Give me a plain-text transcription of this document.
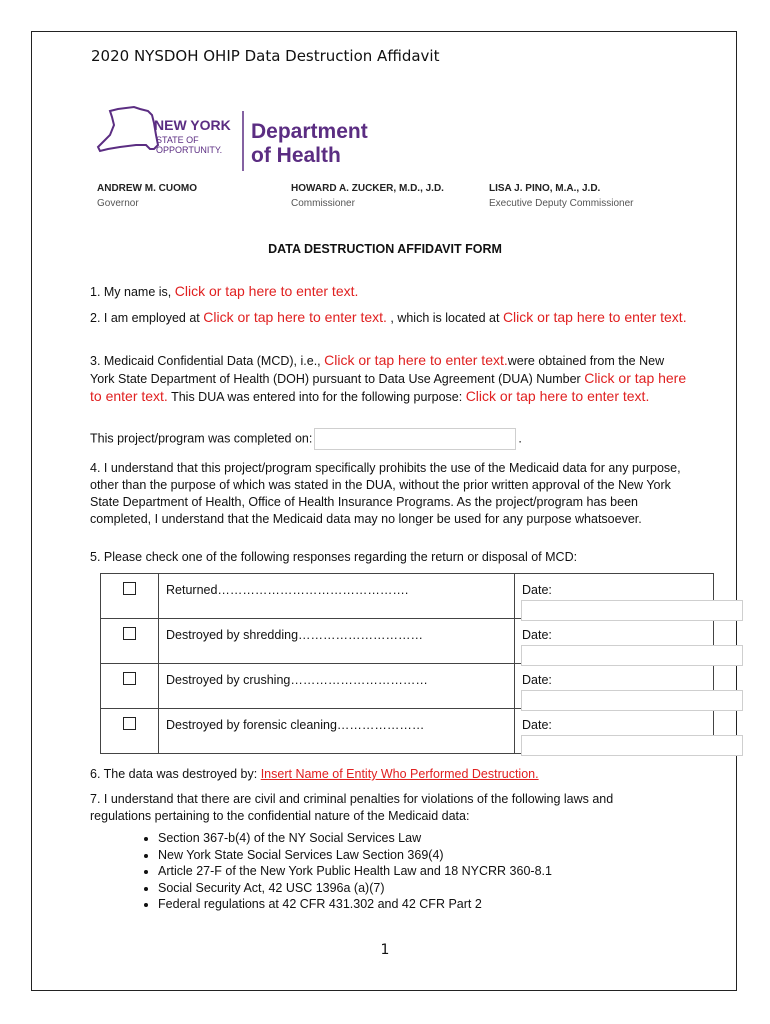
2020 NYSDOH OHIP Data Destruction Affidavit
NEW YORK
STATE OF
OPPORTUNITY.
Department
of Health
ANDREW M. CUOMO
Governor
HOWARD A. ZUCKER, M.D., J.D.
Commissioner
LISA J. PINO, M.A., J.D.
Executive Deputy Commissioner
DATA DESTRUCTION AFFIDAVIT FORM
1. My name is, Click or tap here to enter text.
2. I am employed at Click or tap here to enter text. , which is located at Click or tap here to enter text.
3. Medicaid Confidential Data (MCD), i.e., Click or tap here to enter text.were obtained from the New York State Department of Health (DOH) pursuant to Data Use Agreement (DUA) Number Click or tap here to enter text. This DUA was entered into for the following purpose: Click or tap here to enter text.
This project/program was completed on:	.
4. I understand that this project/program specifically prohibits the use of the Medicaid data for any purpose, other than the purpose of which was stated in the DUA, without the prior written approval of the New York State Department of Health, Office of Health Insurance Programs. As the project/program has been completed, I understand that the Medicaid data may no longer be used for any purpose whatsoever.
5. Please check one of the following responses regarding the return or disposal of MCD:
	Returned……………………………………….	Date:

	Destroyed by shredding…………………………	Date:

	Destroyed by crushing……………………………	Date:

	Destroyed by forensic cleaning…………………	Date:
6. The data was destroyed by: Insert Name of Entity Who Performed Destruction.
7. I understand that there are civil and criminal penalties for violations of the following laws and regulations pertaining to the confidential nature of the Medicaid data:
• Section 367-b(4) of the NY Social Services Law
• New York State Social Services Law Section 369(4)
• Article 27-F of the New York Public Health Law and 18 NYCRR 360-8.1
• Social Security Act, 42 USC 1396a (a)(7)
• Federal regulations at 42 CFR 431.302 and 42 CFR Part 2
1
